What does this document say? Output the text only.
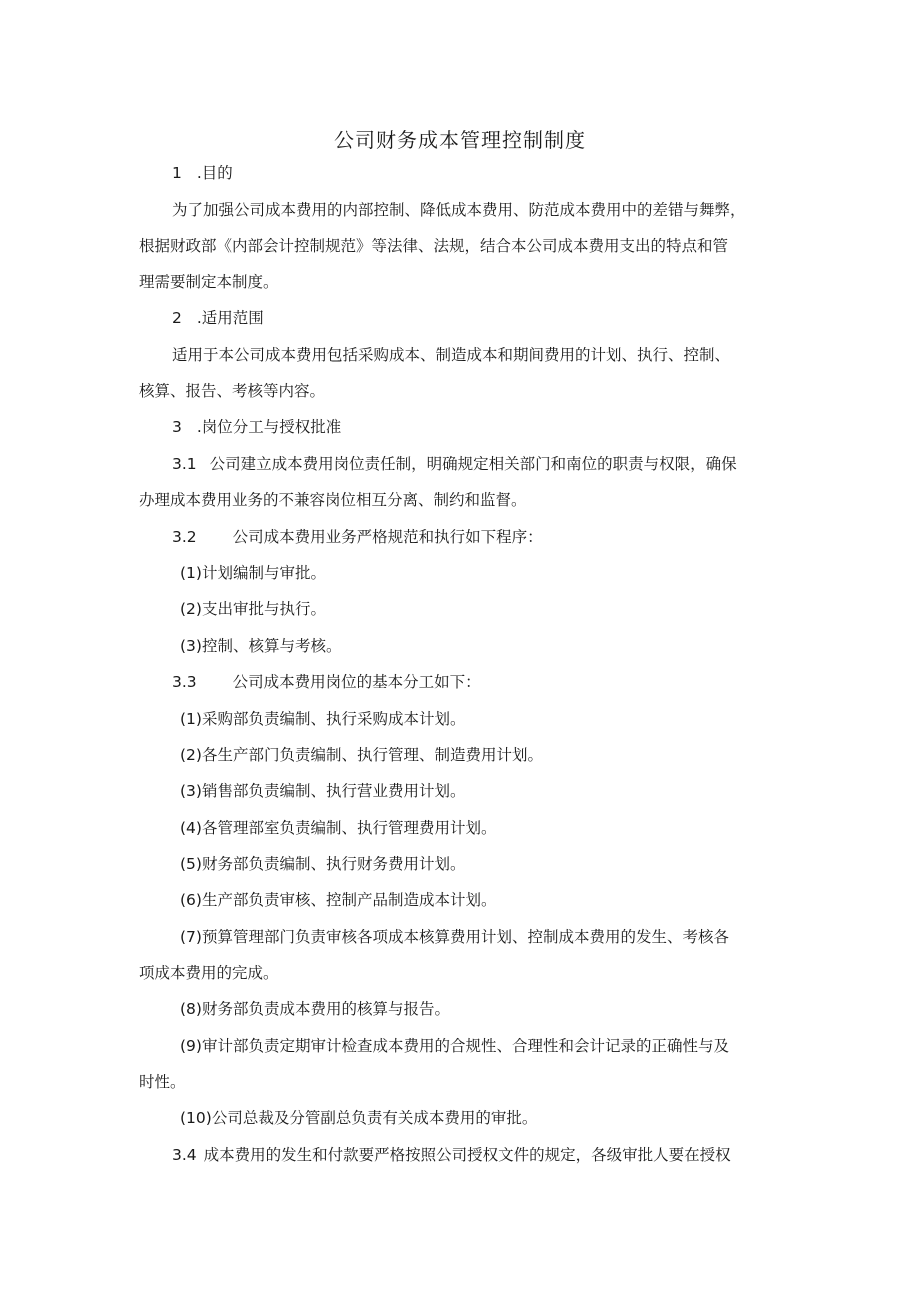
公司财务成本管理控制制度
1 .目的
为了加强公司成本费用的内部控制、降低成本费用、防范成本费用中的差错与舞弊，
根据财政部《内部会计控制规范》等法律、法规，结合本公司成本费用支出的特点和管
理需要制定本制度。
2 .适用范围
适用于本公司成本费用包括采购成本、制造成本和期间费用的计划、执行、控制、
核算、报告、考核等内容。
3 .岗位分工与授权批准
3.1 公司建立成本费用岗位责任制，明确规定相关部门和南位的职责与权限，确保
办理成本费用业务的不兼容岗位相互分离、制约和监督。
3.2 公司成本费用业务严格规范和执行如下程序：
(1)计划编制与审批。
(2)支出审批与执行。
(3)控制、核算与考核。
3.3 公司成本费用岗位的基本分工如下：
(1)采购部负责编制、执行采购成本计划。
(2)各生产部门负责编制、执行管理、制造费用计划。
(3)销售部负责编制、执行营业费用计划。
(4)各管理部室负责编制、执行管理费用计划。
(5)财务部负责编制、执行财务费用计划。
(6)生产部负责审核、控制产品制造成本计划。
(7)预算管理部门负责审核各项成本核算费用计划、控制成本费用的发生、考核各
项成本费用的完成。
(8)财务部负责成本费用的核算与报告。
(9)审计部负责定期审计检查成本费用的合规性、合理性和会计记录的正确性与及
时性。
(10)公司总裁及分管副总负责有关成本费用的审批。
3.4 成本费用的发生和付款要严格按照公司授权文件的规定，各级审批人要在授权
